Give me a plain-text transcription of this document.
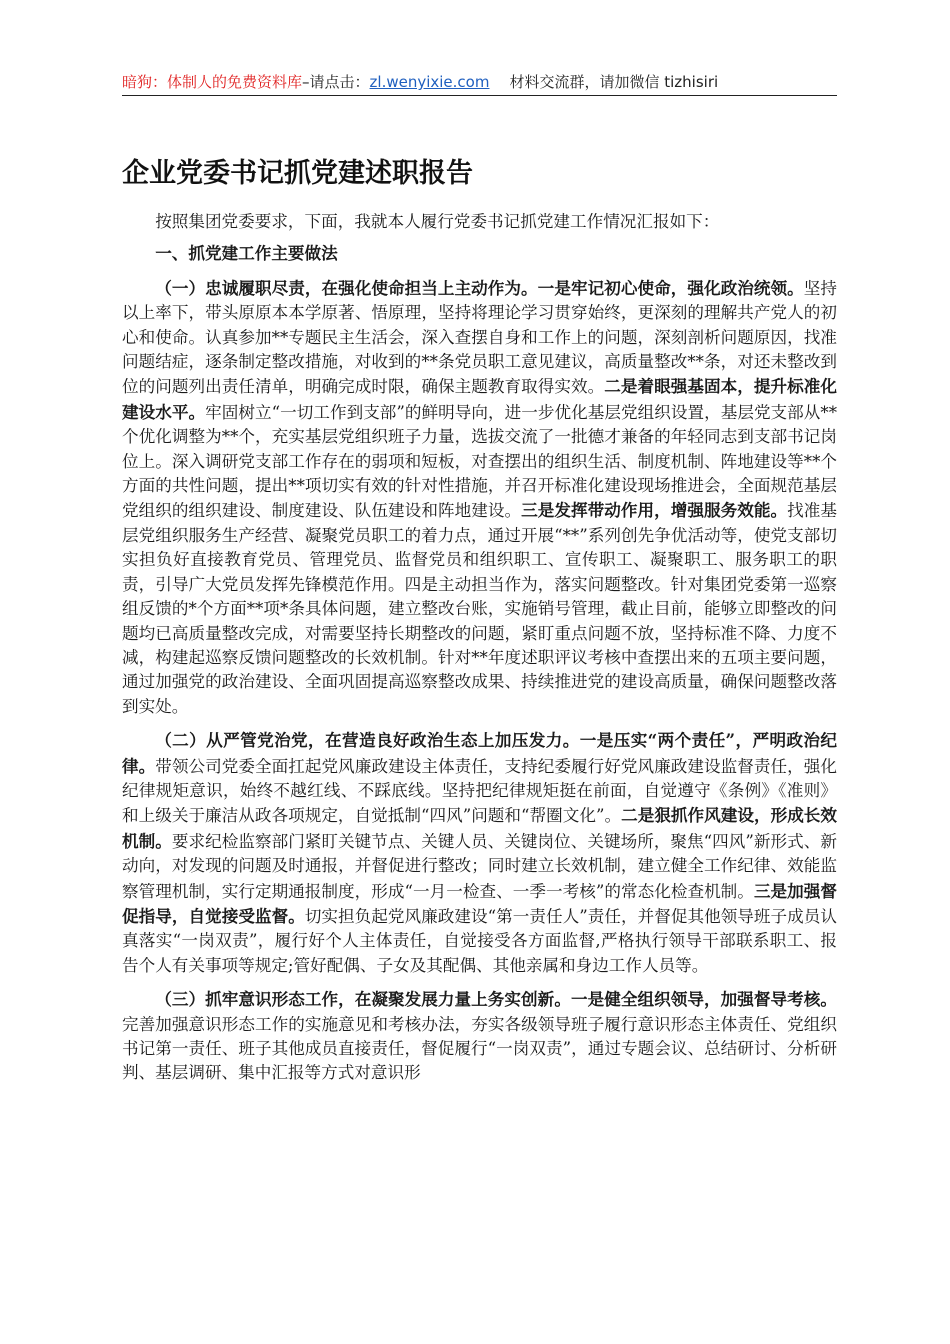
暗狗：体制人的免费资料库–请点击：zl.wenyixie.com 材料交流群，请加微信 tizhisiri
企业党委书记抓党建述职报告

按照集团党委要求，下面，我就本人履行党委书记抓党建工作情况汇报如下：

一、抓党建工作主要做法

（一）忠诚履职尽责，在强化使命担当上主动作为。一是牢记初心使命，强化政治统领。坚持以上率下，带头原原本本学原著、悟原理，坚持将理论学习贯穿始终，更深刻的理解共产党人的初心和使命。认真参加**专题民主生活会，深入查摆自身和工作上的问题，深刻剖析问题原因，找准问题结症，逐条制定整改措施，对收到的**条党员职工意见建议，高质量整改**条，对还未整改到位的问题列出责任清单，明确完成时限，确保主题教育取得实效。二是着眼强基固本，提升标准化建设水平。牢固树立“一切工作到支部”的鲜明导向，进一步优化基层党组织设置，基层党支部从**个优化调整为**个，充实基层党组织班子力量，选拔交流了一批德才兼备的年轻同志到支部书记岗位上。深入调研党支部工作存在的弱项和短板，对查摆出的组织生活、制度机制、阵地建设等**个方面的共性问题，提出**项切实有效的针对性措施，并召开标准化建设现场推进会，全面规范基层党组织的组织建设、制度建设、队伍建设和阵地建设。三是发挥带动作用，增强服务效能。找准基层党组织服务生产经营、凝聚党员职工的着力点，通过开展“**”系列创先争优活动等，使党支部切实担负好直接教育党员、管理党员、监督党员和组织职工、宣传职工、凝聚职工、服务职工的职责，引导广大党员发挥先锋模范作用。四是主动担当作为，落实问题整改。针对集团党委第一巡察组反馈的*个方面**项*条具体问题，建立整改台账，实施销号管理，截止目前，能够立即整改的问题均已高质量整改完成，对需要坚持长期整改的问题，紧盯重点问题不放，坚持标准不降、力度不减，构建起巡察反馈问题整改的长效机制。针对**年度述职评议考核中查摆出来的五项主要问题，通过加强党的政治建设、全面巩固提高巡察整改成果、持续推进党的建设高质量，确保问题整改落到实处。

（二）从严管党治党，在营造良好政治生态上加压发力。一是压实“两个责任”，严明政治纪律。带领公司党委全面扛起党风廉政建设主体责任，支持纪委履行好党风廉政建设监督责任，强化纪律规矩意识，始终不越红线、不踩底线。坚持把纪律规矩挺在前面，自觉遵守《条例》《准则》和上级关于廉洁从政各项规定，自觉抵制“四风”问题和“帮圈文化”。二是狠抓作风建设，形成长效机制。要求纪检监察部门紧盯关键节点、关键人员、关键岗位、关键场所，聚焦“四风”新形式、新动向，对发现的问题及时通报，并督促进行整改；同时建立长效机制，建立健全工作纪律、效能监察管理机制，实行定期通报制度，形成“一月一检查、一季一考核”的常态化检查机制。三是加强督促指导，自觉接受监督。切实担负起党风廉政建设“第一责任人”责任，并督促其他领导班子成员认真落实“一岗双责”，履行好个人主体责任，自觉接受各方面监督,严格执行领导干部联系职工、报告个人有关事项等规定;管好配偶、子女及其配偶、其他亲属和身边工作人员等。

（三）抓牢意识形态工作，在凝聚发展力量上务实创新。一是健全组织领导，加强督导考核。完善加强意识形态工作的实施意见和考核办法，夯实各级领导班子履行意识形态主体责任、党组织书记第一责任、班子其他成员直接责任，督促履行“一岗双责”，通过专题会议、总结研讨、分析研判、基层调研、集中汇报等方式对意识形
